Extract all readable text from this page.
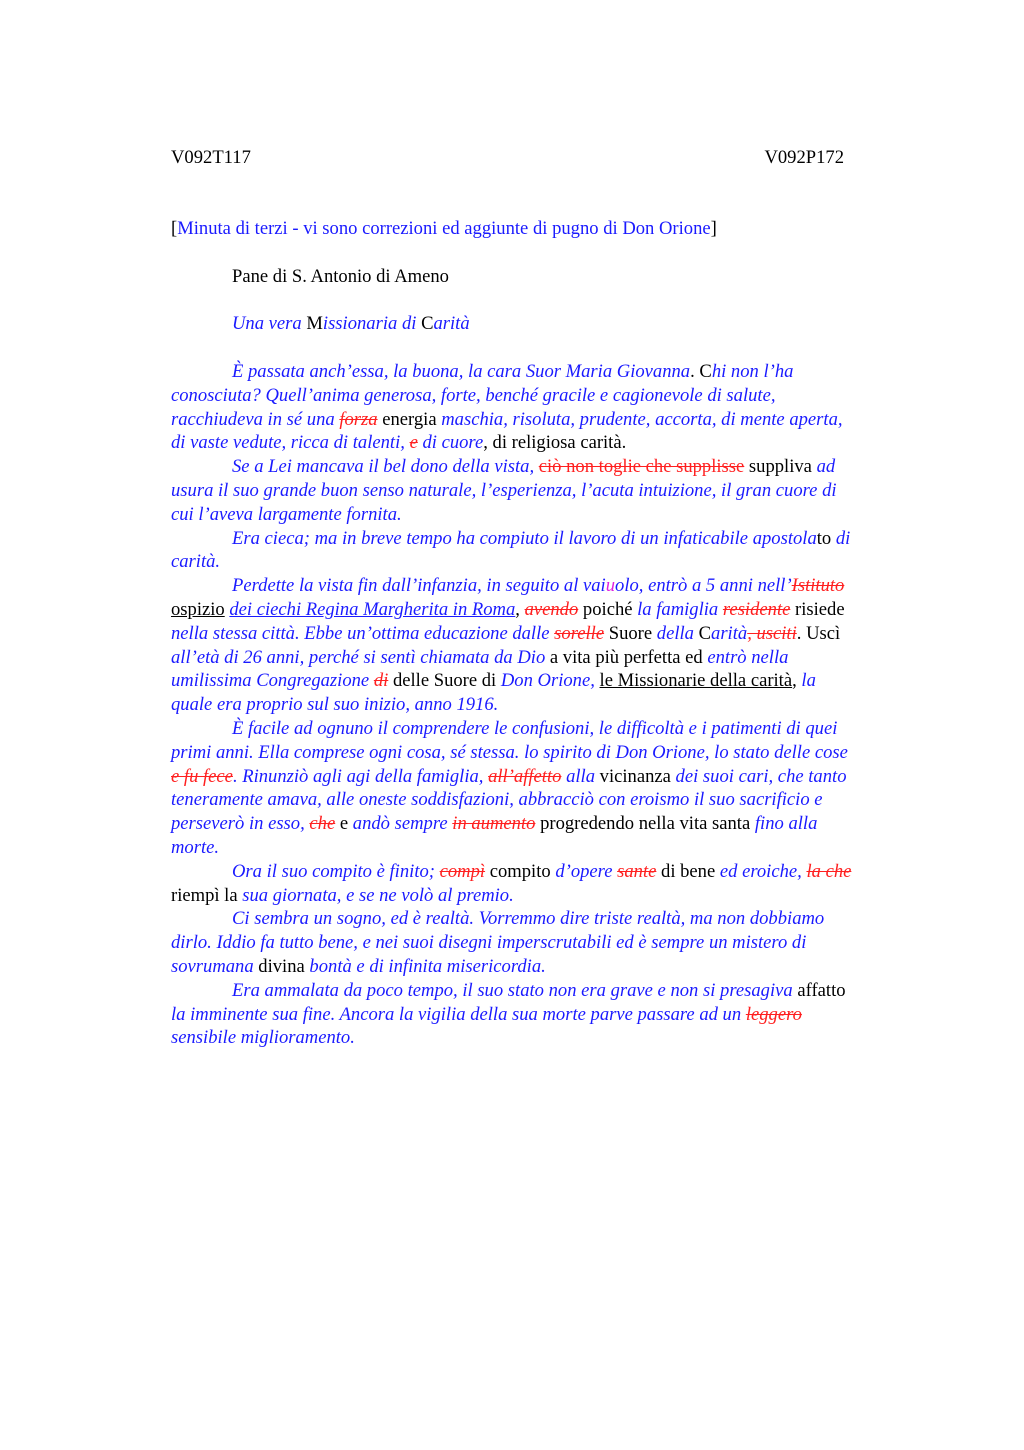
V092T117	V092P172
[Minuta di terzi - vi sono correzioni ed aggiunte di pugno di Don Orione]
Pane di S. Antonio di Ameno
Una vera Missionaria di Carità
È passata anch’essa, la buona, la cara Suor Maria Giovanna. Chi non l’ha
conosciuta? Quell’anima generosa, forte, benché gracile e cagionevole di salute,
racchiudeva in sé una forza energia maschia, risoluta, prudente, accorta, di mente aperta,
di vaste vedute, ricca di talenti, e di cuore, di religiosa carità.
Se a Lei mancava il bel dono della vista, ciò non toglie che supplisse suppliva ad
usura il suo grande buon senso naturale, l’esperienza, l’acuta intuizione, il gran cuore di
cui l’aveva largamente fornita.
Era cieca; ma in breve tempo ha compiuto il lavoro di un infaticabile apostolato di
carità.
Perdette la vista fin dall’infanzia, in seguito al vaiuolo, entrò a 5 anni nell’Istituto
ospizio dei ciechi Regina Margherita in Roma, avendo poiché la famiglia residente risiede
nella stessa città. Ebbe un’ottima educazione dalle sorelle Suore della Carità, usciti. Uscì
all’età di 26 anni, perché si sentì chiamata da Dio a vita più perfetta ed entrò nella
umilissima Congregazione di delle Suore di Don Orione, le Missionarie della carità, la
quale era proprio sul suo inizio, anno 1916.
È facile ad ognuno il comprendere le confusioni, le difficoltà e i patimenti di quei
primi anni. Ella comprese ogni cosa, sé stessa. lo spirito di Don Orione, lo stato delle cose
e fu fece. Rinunziò agli agi della famiglia, all’affetto alla vicinanza dei suoi cari, che tanto
teneramente amava, alle oneste soddisfazioni, abbracciò con eroismo il suo sacrificio e
perseverò in esso, che e andò sempre in aumento progredendo nella vita santa fino alla
morte.
Ora il suo compito è finito; compì compito d’opere sante di bene ed eroiche, la che
riempì la sua giornata, e se ne volò al premio.
Ci sembra un sogno, ed è realtà. Vorremmo dire triste realtà, ma non dobbiamo
dirlo. Iddio fa tutto bene, e nei suoi disegni imperscrutabili ed è sempre un mistero di
sovrumana divina bontà e di infinita misericordia.
Era ammalata da poco tempo, il suo stato non era grave e non si presagiva affatto
la imminente sua fine. Ancora la vigilia della sua morte parve passare ad un leggero
sensibile miglioramento.
